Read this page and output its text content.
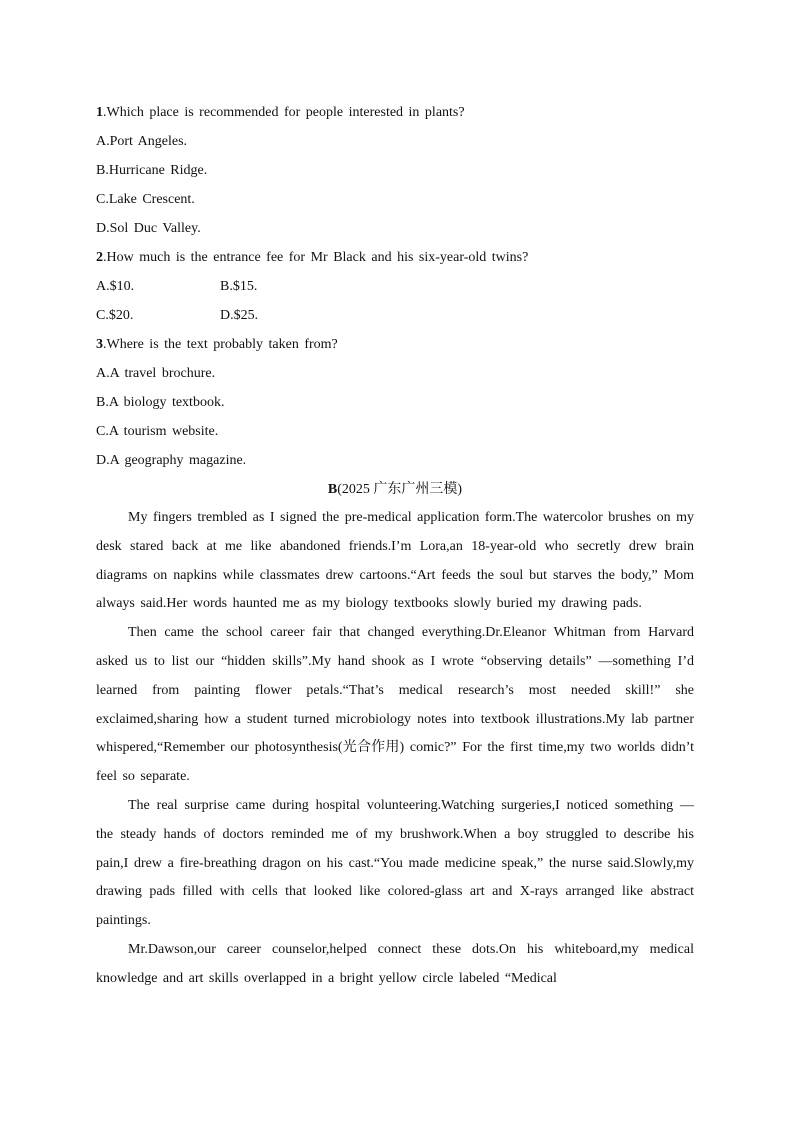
1.Which place is recommended for people interested in plants?
A.Port Angeles.
B.Hurricane Ridge.
C.Lake Crescent.
D.Sol Duc Valley.
2.How much is the entrance fee for Mr Black and his six-year-old twins?
A.$10.	B.$15.
C.$20.	D.$25.
3.Where is the text probably taken from?
A.A travel brochure.
B.A biology textbook.
C.A tourism website.
D.A geography magazine.
B(2025 广东广州三模)

My fingers trembled as I signed the pre-medical application form.The watercolor brushes on my desk stared back at me like abandoned friends.I’m Lora,an 18-year-old who secretly drew brain diagrams on napkins while classmates drew cartoons.“Art feeds the soul but starves the body,” Mom always said.Her words haunted me as my biology textbooks slowly buried my drawing pads.

Then came the school career fair that changed everything.Dr.Eleanor Whitman from Harvard asked us to list our “hidden skills”.My hand shook as I wrote “observing details” —something I’d learned from painting flower petals.“That’s medical research’s most needed skill!” she exclaimed,sharing how a student turned microbiology notes into textbook illustrations.My lab partner whispered,“Remember our photosynthesis(光合作用) comic?” For the first time,my two worlds didn’t feel so separate.

The real surprise came during hospital volunteering.Watching surgeries,I noticed something —the steady hands of doctors reminded me of my brushwork.When a boy struggled to describe his pain,I drew a fire-breathing dragon on his cast.“You made medicine speak,” the nurse said.Slowly,my drawing pads filled with cells that looked like colored-glass art and X-rays arranged like abstract paintings.

Mr.Dawson,our career counselor,helped connect these dots.On his whiteboard,my medical knowledge and art skills overlapped in a bright yellow circle labeled “Medical
